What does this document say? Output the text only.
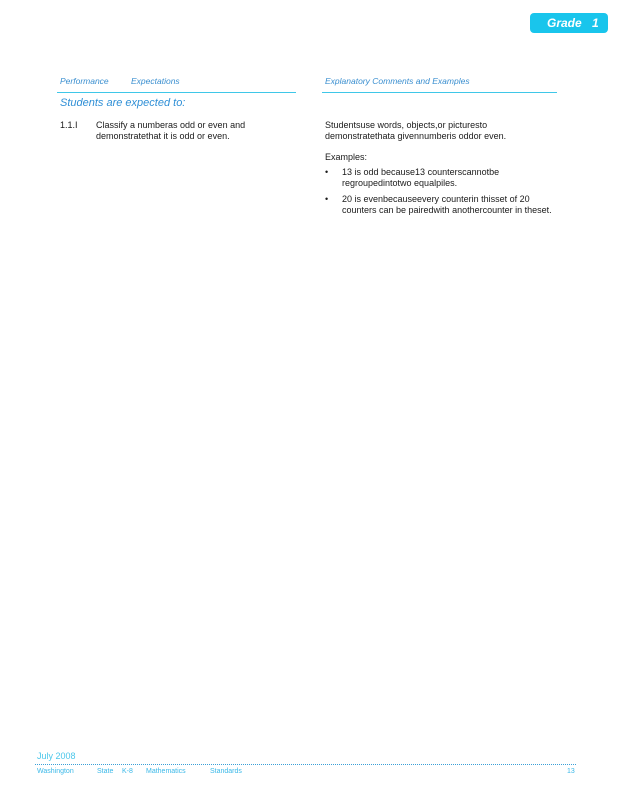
Grade 1
Performance	Expectations	Explanatory Comments and Examples
Students are expected to:
1.1.I Classify a numberas odd or even and demonstratethat it is odd or even.
Studentsuse words, objects,or picturesto demonstratethata givennumberis oddor even.
Examples:
• 13 is odd because13 counterscannotbe regroupedintotwo equalpiles.
• 20 is evenbecauseevery counterin thisset of 20 counters can be pairedwith anothercounter in theset.
July 2008
Washington	State K-8 Mathematics	Standards	13
